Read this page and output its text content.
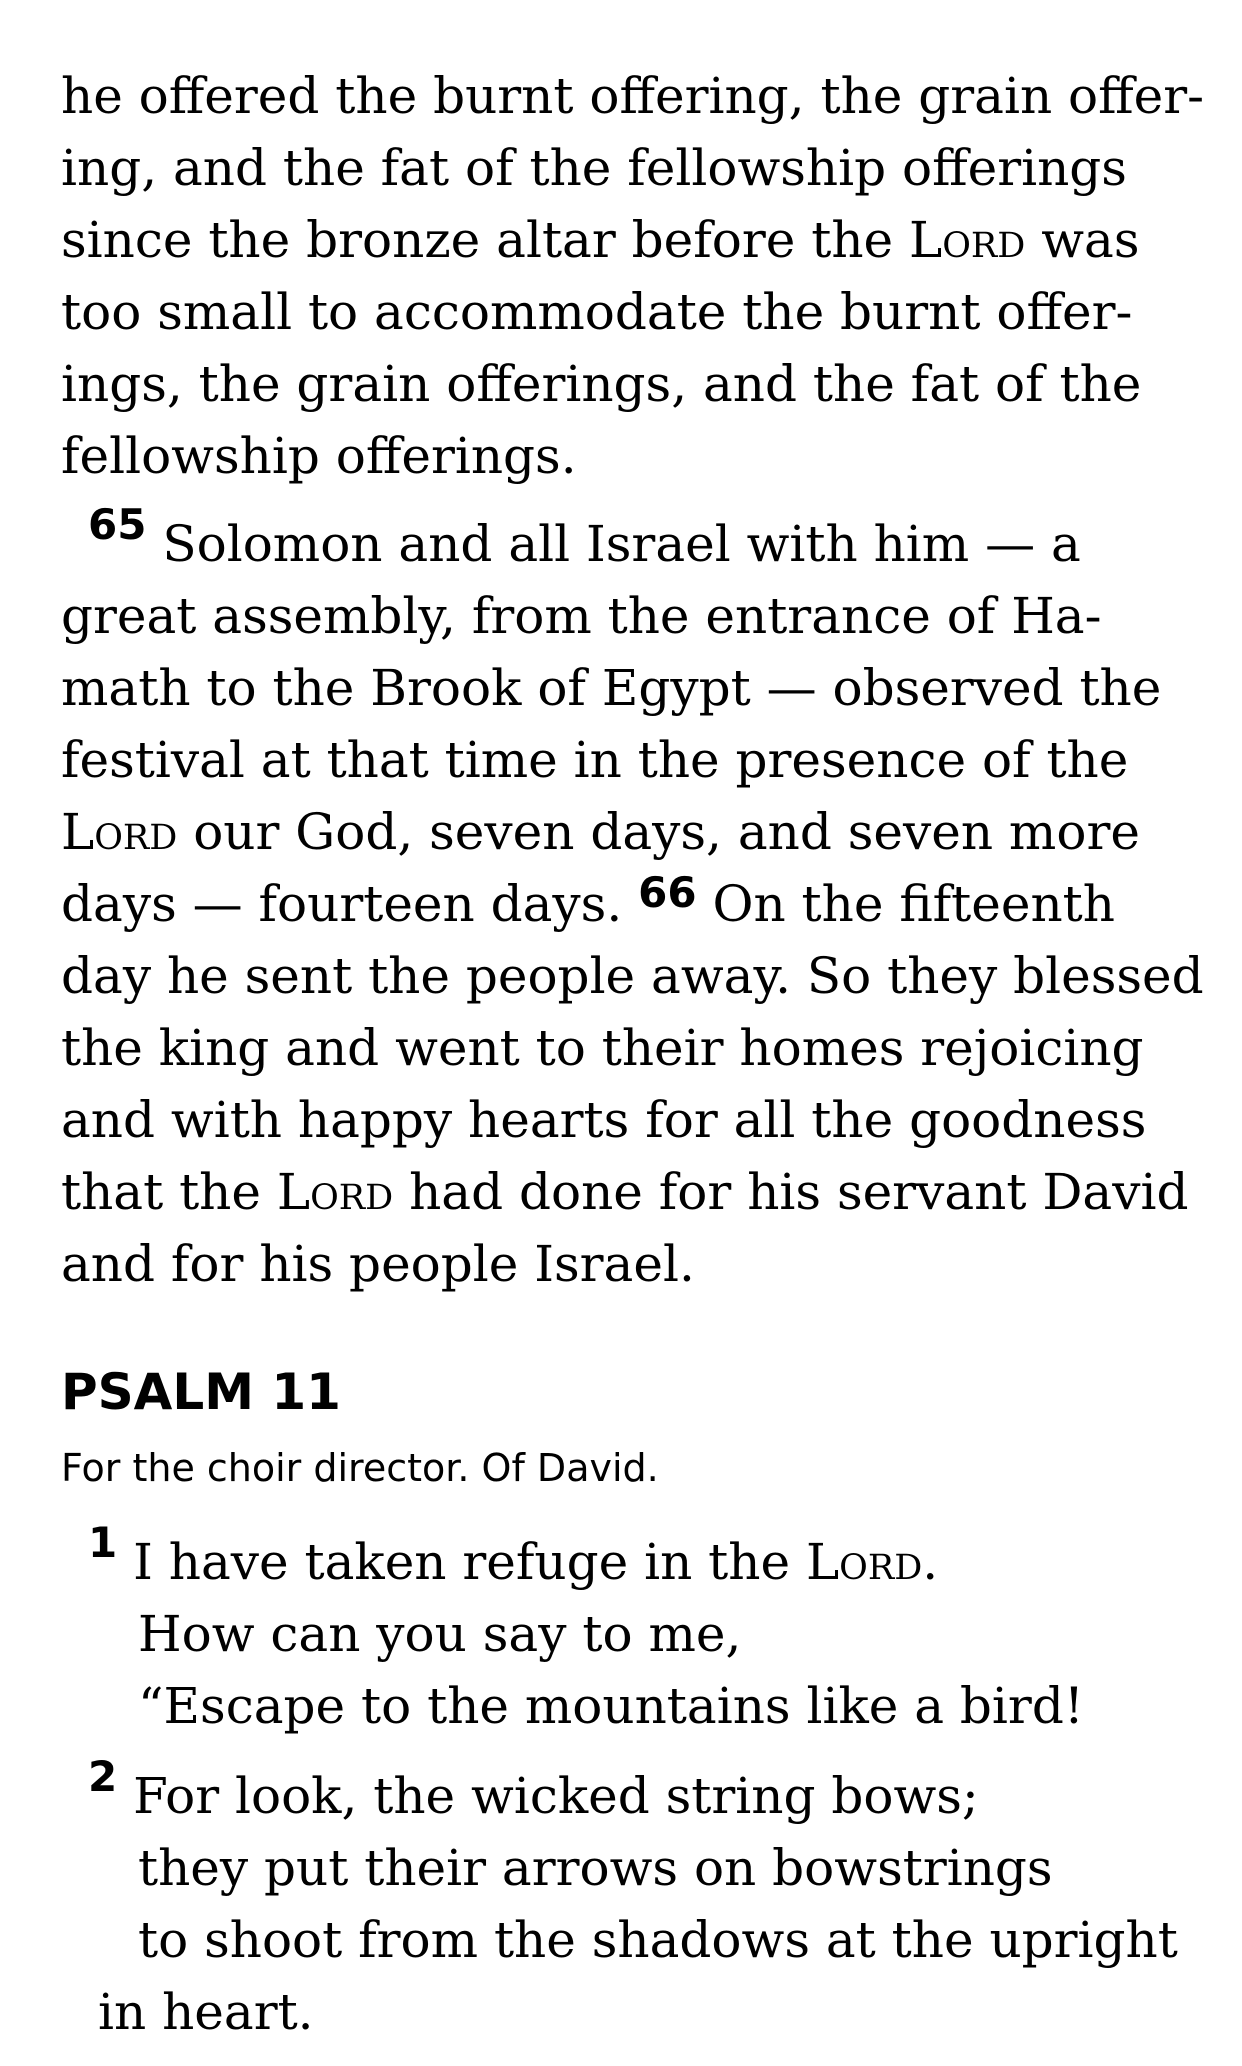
he offered the burnt offering, the grain offer-
ing, and the fat of the fellowship offerings
since the bronze altar before the Lord was
too small to accommodate the burnt offer-
ings, the grain offerings, and the fat of the
fellowship offerings.
$^{65}$ Solomon and all Israel with him — a
great assembly, from the entrance of Ha-
math to the Brook of Egypt — observed the
festival at that time in the presence of the
Lord our God, seven days, and seven more
days — fourteen days. $^{66}$ On the fifteenth
day he sent the people away. So they blessed
the king and went to their homes rejoicing
and with happy hearts for all the goodness
that the Lord had done for his servant David
and for his people Israel.
PSALM 11
For the choir director. Of David.
$^1$ I have taken refuge in the Lord.
How can you say to me,
“Escape to the mountains like a bird!
$^2$ For look, the wicked string bows;
they put their arrows on bowstrings
to shoot from the shadows at the upright
in heart.
